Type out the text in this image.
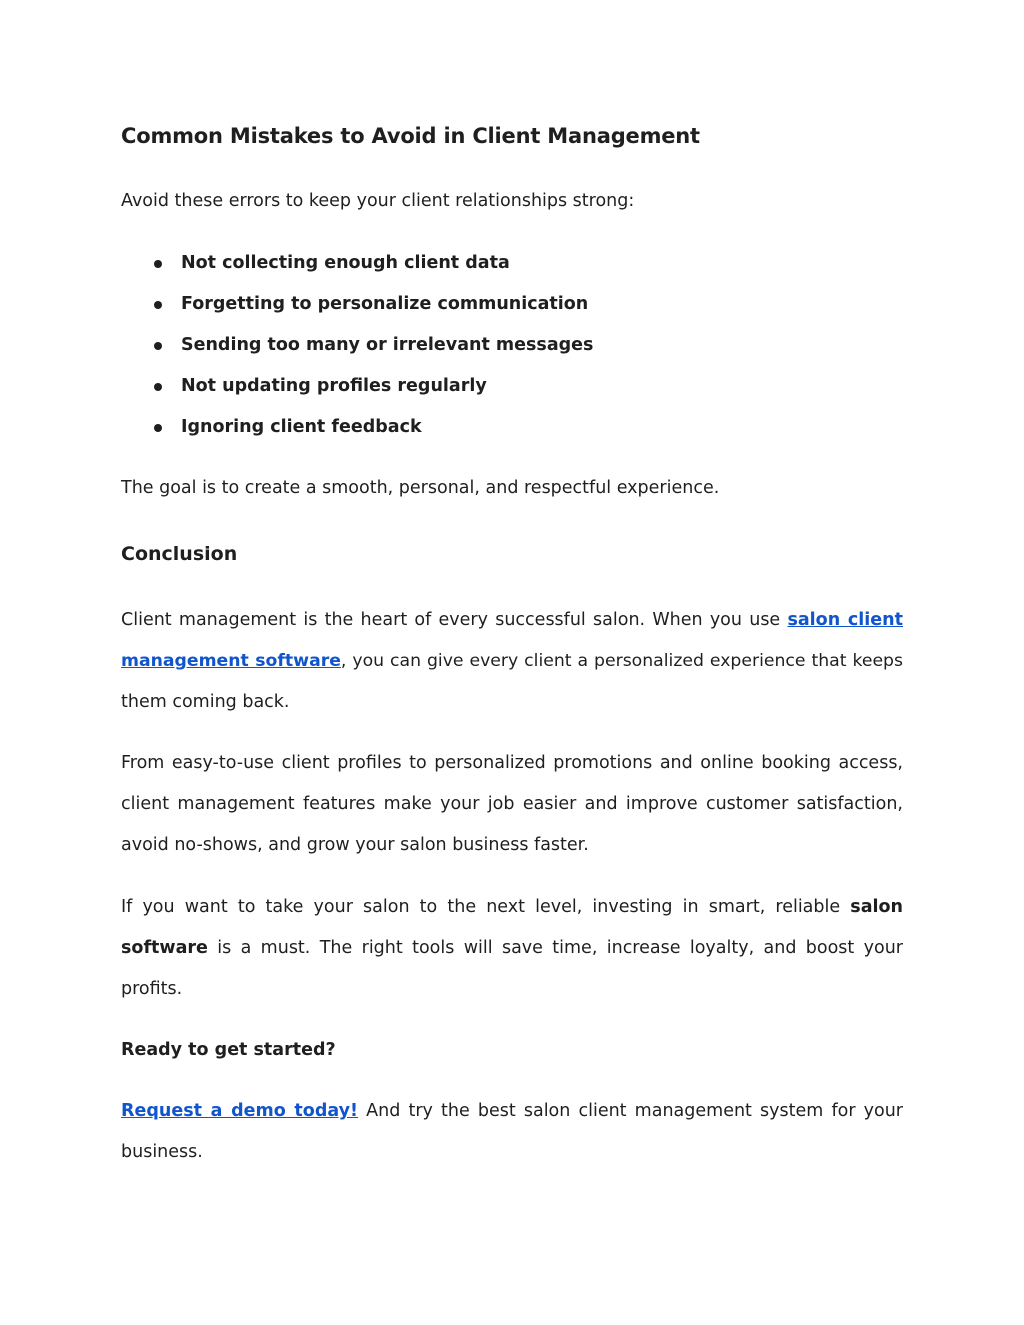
Common Mistakes to Avoid in Client Management

Avoid these errors to keep your client relationships strong:

Not collecting enough client data
Forgetting to personalize communication
Sending too many or irrelevant messages
Not updating profiles regularly
Ignoring client feedback

The goal is to create a smooth, personal, and respectful experience.

Conclusion

Client management is the heart of every successful salon. When you use salon client

management software, you can give every client a personalized experience that keeps

them coming back.

From easy-to-use client profiles to personalized promotions and online booking access,

client management features make your job easier and improve customer satisfaction,

avoid no-shows, and grow your salon business faster.

If you want to take your salon to the next level, investing in smart, reliable salon

software is a must. The right tools will save time, increase loyalty, and boost your

profits.

Ready to get started?

Request a demo today! And try the best salon client management system for your

business.
